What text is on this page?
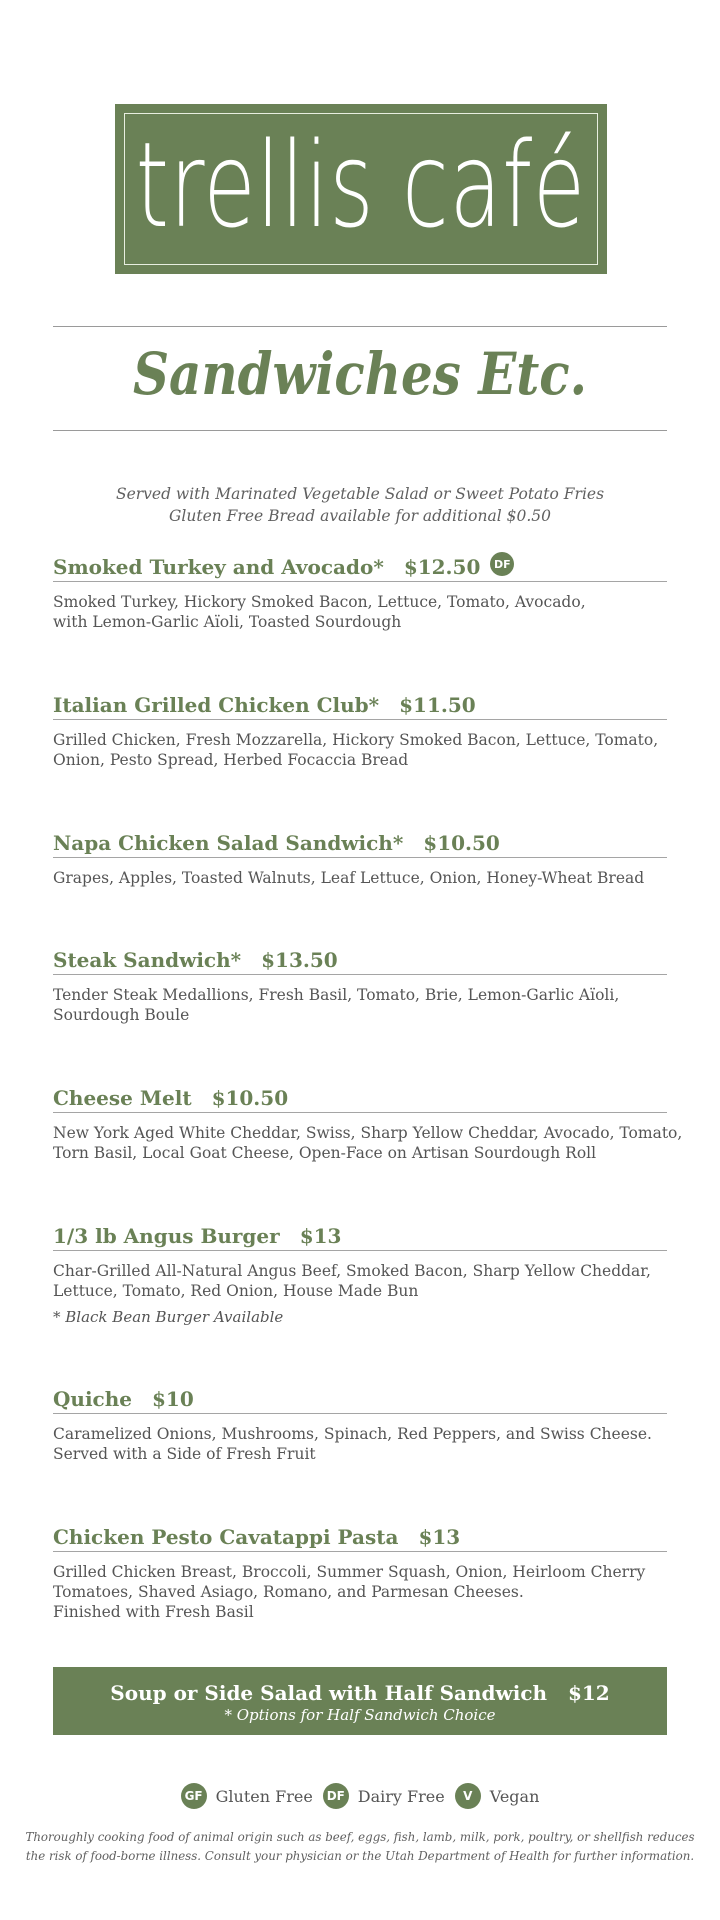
trellis café
Sandwiches Etc.
Served with Marinated Vegetable Salad or Sweet Potato Fries
Gluten Free Bread available for additional $0.50
Smoked Turkey and Avocado* $12.50	DF
Smoked Turkey, Hickory Smoked Bacon, Lettuce, Tomato, Avocado,
with Lemon-Garlic Aïoli, Toasted Sourdough
Italian Grilled Chicken Club* $11.50
Grilled Chicken, Fresh Mozzarella, Hickory Smoked Bacon, Lettuce, Tomato,
Onion, Pesto Spread, Herbed Focaccia Bread
Napa Chicken Salad Sandwich* $10.50
Grapes, Apples, Toasted Walnuts, Leaf Lettuce, Onion, Honey-Wheat Bread
Steak Sandwich* $13.50
Tender Steak Medallions, Fresh Basil, Tomato, Brie, Lemon-Garlic Aïoli,
Sourdough Boule
Cheese Melt $10.50
New York Aged White Cheddar, Swiss, Sharp Yellow Cheddar, Avocado, Tomato,
Torn Basil, Local Goat Cheese, Open-Face on Artisan Sourdough Roll
1/3 lb Angus Burger $13
Char-Grilled All-Natural Angus Beef, Smoked Bacon, Sharp Yellow Cheddar,
Lettuce, Tomato, Red Onion, House Made Bun
* Black Bean Burger Available
Quiche $10
Caramelized Onions, Mushrooms, Spinach, Red Peppers, and Swiss Cheese.
Served with a Side of Fresh Fruit
Chicken Pesto Cavatappi Pasta $13
Grilled Chicken Breast, Broccoli, Summer Squash, Onion, Heirloom Cherry
Tomatoes, Shaved Asiago, Romano, and Parmesan Cheeses.
Finished with Fresh Basil
Soup or Side Salad with Half Sandwich   $12
* Options for Half Sandwich Choice
GF Gluten Free	DF Dairy Free	V	Vegan
Thoroughly cooking food of animal origin such as beef, eggs, fish, lamb, milk, pork, poultry, or shellfish reduces
the risk of food-borne illness. Consult your physician or the Utah Department of Health for further information.
